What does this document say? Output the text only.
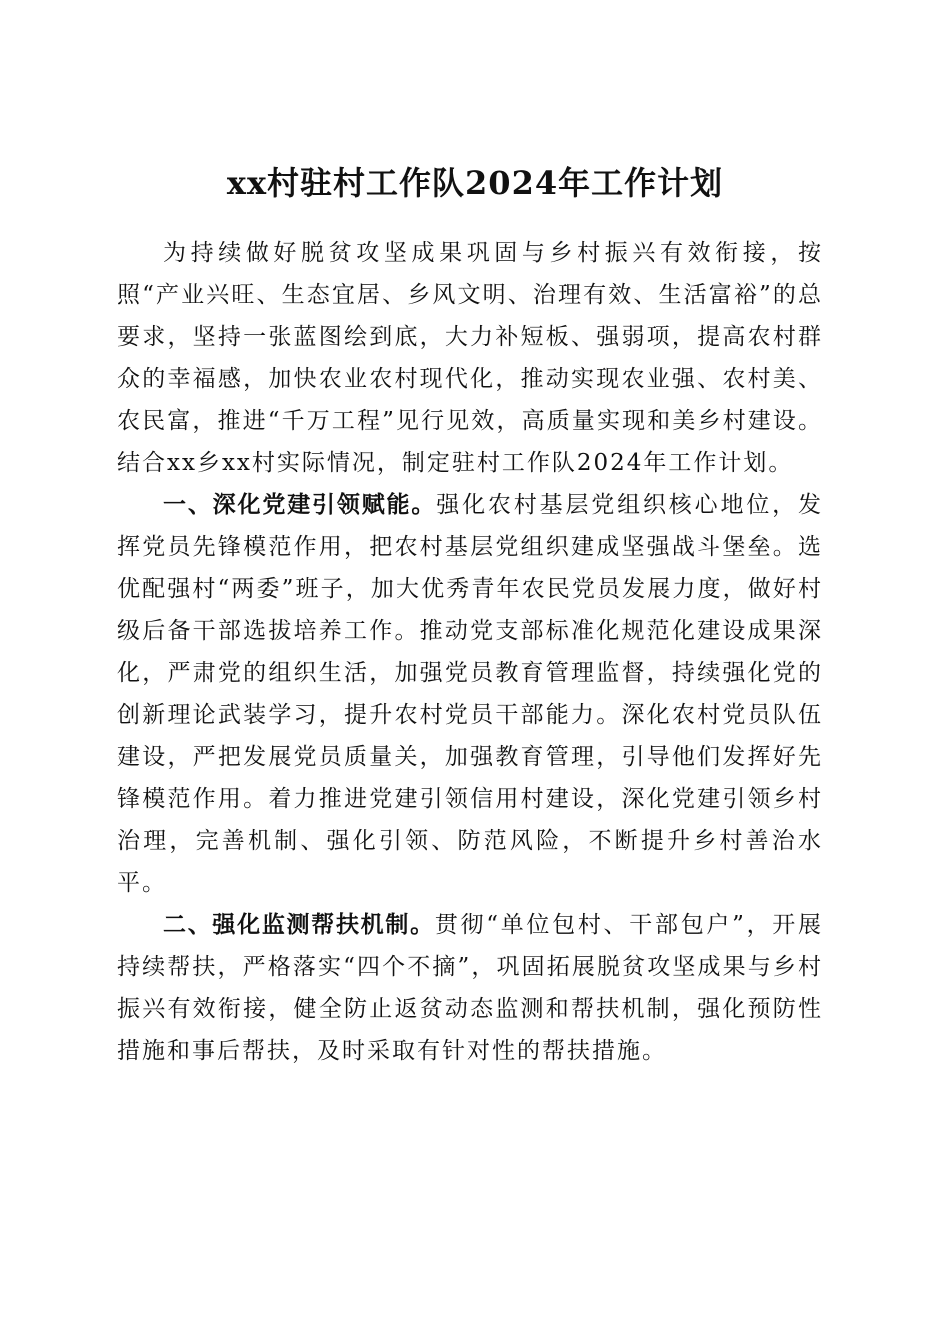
xx村驻村工作队2024年工作计划

为持续做好脱贫攻坚成果巩固与乡村振兴有效衔接，按照“产业兴旺、生态宜居、乡风文明、治理有效、生活富裕”的总要求，坚持一张蓝图绘到底，大力补短板、强弱项，提高农村群众的幸福感，加快农业农村现代化，推动实现农业强、农村美、农民富，推进“千万工程”见行见效，高质量实现和美乡村建设。结合xx乡xx村实际情况，制定驻村工作队2024年工作计划。

一、深化党建引领赋能。强化农村基层党组织核心地位，发挥党员先锋模范作用，把农村基层党组织建成坚强战斗堡垒。选优配强村“两委”班子，加大优秀青年农民党员发展力度，做好村级后备干部选拔培养工作。推动党支部标准化规范化建设成果深化，严肃党的组织生活，加强党员教育管理监督，持续强化党的创新理论武装学习，提升农村党员干部能力。深化农村党员队伍建设，严把发展党员质量关，加强教育管理，引导他们发挥好先锋模范作用。着力推进党建引领信用村建设，深化党建引领乡村治理，完善机制、强化引领、防范风险，不断提升乡村善治水平。

二、强化监测帮扶机制。贯彻“单位包村、干部包户”，开展持续帮扶，严格落实“四个不摘”，巩固拓展脱贫攻坚成果与乡村振兴有效衔接，健全防止返贫动态监测和帮扶机制，强化预防性措施和事后帮扶，及时采取有针对性的帮扶措施。
